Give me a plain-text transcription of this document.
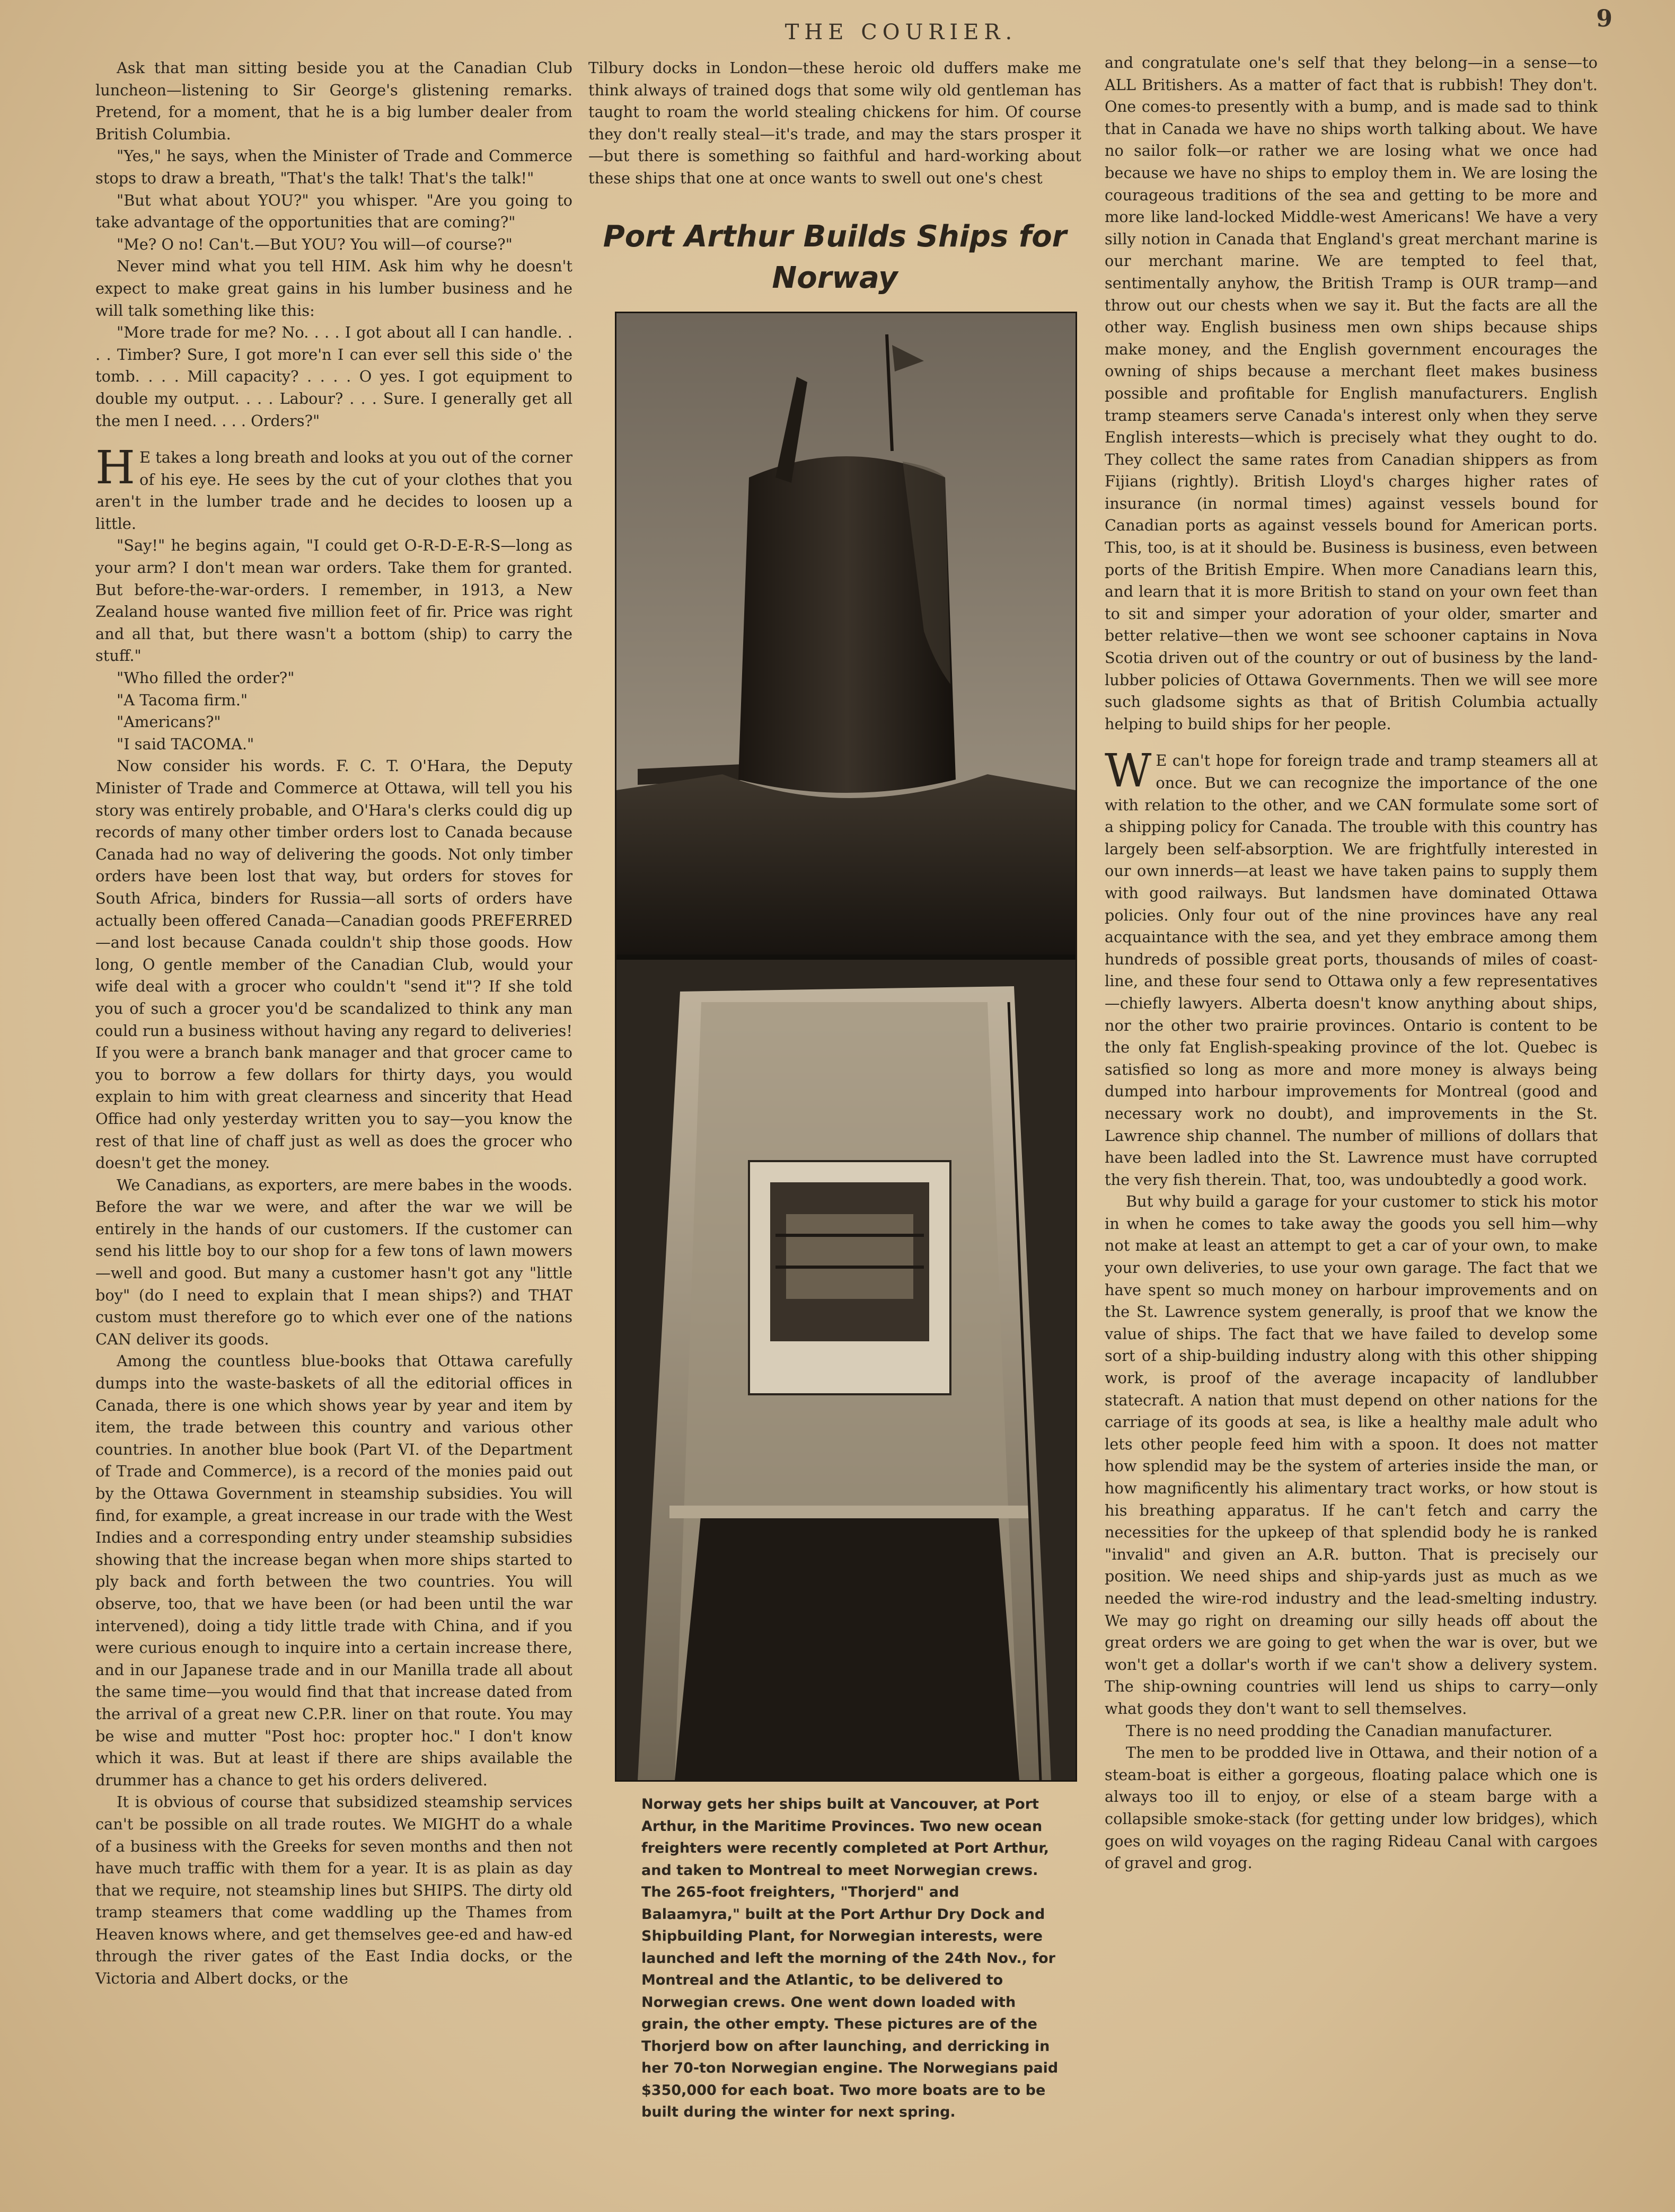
THE COURIER.	9

Ask that man sitting beside you at the Canadian Club luncheon—listening to Sir George's glistening remarks. Pretend, for a moment, that he is a big lumber dealer from British Columbia.

"Yes," he says, when the Minister of Trade and Commerce stops to draw a breath, "That's the talk! That's the talk!"

"But what about YOU?" you whisper. "Are you going to take advantage of the opportunities that are coming?"

"Me? O no! Can't.—But YOU? You will—of course?"

Never mind what you tell HIM. Ask him why he doesn't expect to make great gains in his lumber business and he will talk something like this:

"More trade for me? No. . . . I got about all I can handle. . . . Timber? Sure, I got more'n I can ever sell this side o' the tomb. . . . Mill capacity? . . . . O yes. I got equipment to double my output. . . . Labour? . . . Sure. I generally get all the men I need. . . . Orders?"

H E takes a long breath and looks at you out of the corner of his eye. He sees by the cut of your clothes that you aren't in the lumber trade and he decides to loosen up a little.

"Say!" he begins again, "I could get O-R-D-E-R-S—long as your arm? I don't mean war orders. Take them for granted. But before-the-war-orders. I remember, in 1913, a New Zealand house wanted five million feet of fir. Price was right and all that, but there wasn't a bottom (ship) to carry the stuff."

"Who filled the order?"

"A Tacoma firm."

"Americans?"

"I said TACOMA."

Now consider his words. F. C. T. O'Hara, the Deputy Minister of Trade and Commerce at Ottawa, will tell you his story was entirely probable, and O'Hara's clerks could dig up records of many other timber orders lost to Canada because Canada had no way of delivering the goods. Not only timber orders have been lost that way, but orders for stoves for South Africa, binders for Russia—all sorts of orders have actually been offered Canada—Canadian goods PREFERRED—and lost because Canada couldn't ship those goods. How long, O gentle member of the Canadian Club, would your wife deal with a grocer who couldn't "send it"? If she told you of such a grocer you'd be scandalized to think any man could run a business without having any regard to deliveries! If you were a branch bank manager and that grocer came to you to borrow a few dollars for thirty days, you would explain to him with great clearness and sincerity that Head Office had only yesterday written you to say—you know the rest of that line of chaff just as well as does the grocer who doesn't get the money.

We Canadians, as exporters, are mere babes in the woods. Before the war we were, and after the war we will be entirely in the hands of our customers. If the customer can send his little boy to our shop for a few tons of lawn mowers—well and good. But many a customer hasn't got any "little boy" (do I need to explain that I mean ships?) and THAT custom must therefore go to which ever one of the nations CAN deliver its goods.

Among the countless blue-books that Ottawa carefully dumps into the waste-baskets of all the editorial offices in Canada, there is one which shows year by year and item by item, the trade between this country and various other countries. In another blue book (Part VI. of the Department of Trade and Commerce), is a record of the monies paid out by the Ottawa Government in steamship subsidies. You will find, for example, a great increase in our trade with the West Indies and a corresponding entry under steamship subsidies showing that the increase began when more ships started to ply back and forth between the two countries. You will observe, too, that we have been (or had been until the war intervened), doing a tidy little trade with China, and if you were curious enough to inquire into a certain increase there, and in our Japanese trade and in our Manilla trade all about the same time—you would find that that increase dated from the arrival of a great new C.P.R. liner on that route. You may be wise and mutter "Post hoc: propter hoc." I don't know which it was. But at least if there are ships available the drummer has a chance to get his orders delivered.

It is obvious of course that subsidized steamship services can't be possible on all trade routes. We MIGHT do a whale of a business with the Greeks for seven months and then not have much traffic with them for a year. It is as plain as day that we require, not steamship lines but SHIPS. The dirty old tramp steamers that come waddling up the Thames from Heaven knows where, and get themselves gee-ed and haw-ed through the river gates of the East India docks, or the Victoria and Albert docks, or the

Tilbury docks in London—these heroic old duffers make me think always of trained dogs that some wily old gentleman has taught to roam the world stealing chickens for him. Of course they don't really steal—it's trade, and may the stars prosper it—but there is something so faithful and hard-working about these ships that one at once wants to swell out one's chest

Port Arthur Builds Ships for Norway
Norway gets her ships built at Vancouver, at Port Arthur, in the Maritime Provinces. Two new ocean freighters were recently completed at Port Arthur, and taken to Montreal to meet Norwegian crews. The 265-foot freighters, "Thorjerd" and Balaamyra," built at the Port Arthur Dry Dock and Shipbuilding Plant, for Norwegian interests, were launched and left the morning of the 24th Nov., for Montreal and the Atlantic, to be delivered to Norwegian crews. One went down loaded with grain, the other empty. These pictures are of the Thorjerd bow on after launching, and derricking in her 70-ton Norwegian engine. The Norwegians paid $350,000 for each boat. Two more boats are to be built during the winter for next spring.

and congratulate one's self that they belong—in a sense—to ALL Britishers. As a matter of fact that is rubbish! They don't. One comes-to presently with a bump, and is made sad to think that in Canada we have no ships worth talking about. We have no sailor folk—or rather we are losing what we once had because we have no ships to employ them in. We are losing the courageous traditions of the sea and getting to be more and more like land-locked Middle-west Americans! We have a very silly notion in Canada that England's great merchant marine is our merchant marine. We are tempted to feel that, sentimentally anyhow, the British Tramp is OUR tramp—and throw out our chests when we say it. But the facts are all the other way. English business men own ships because ships make money, and the English government encourages the owning of ships because a merchant fleet makes business possible and profitable for English manufacturers. English tramp steamers serve Canada's interest only when they serve English interests—which is precisely what they ought to do. They collect the same rates from Canadian shippers as from Fijians (rightly). British Lloyd's charges higher rates of insurance (in normal times) against vessels bound for Canadian ports as against vessels bound for American ports. This, too, is at it should be. Business is business, even between ports of the British Empire. When more Canadians learn this, and learn that it is more British to stand on your own feet than to sit and simper your adoration of your older, smarter and better relative—then we wont see schooner captains in Nova Scotia driven out of the country or out of business by the land-lubber policies of Ottawa Governments. Then we will see more such gladsome sights as that of British Columbia actually helping to build ships for her people.

W E can't hope for foreign trade and tramp steamers all at once. But we can recognize the importance of the one with relation to the other, and we CAN formulate some sort of a shipping policy for Canada. The trouble with this country has largely been self-absorption. We are frightfully interested in our own innerds—at least we have taken pains to supply them with good railways. But landsmen have dominated Ottawa policies. Only four out of the nine provinces have any real acquaintance with the sea, and yet they embrace among them hundreds of possible great ports, thousands of miles of coast-line, and these four send to Ottawa only a few representatives—chiefly lawyers. Alberta doesn't know anything about ships, nor the other two prairie provinces. Ontario is content to be the only fat English-speaking province of the lot. Quebec is satisfied so long as more and more money is always being dumped into harbour improvements for Montreal (good and necessary work no doubt), and improvements in the St. Lawrence ship channel. The number of millions of dollars that have been ladled into the St. Lawrence must have corrupted the very fish therein. That, too, was undoubtedly a good work.

But why build a garage for your customer to stick his motor in when he comes to take away the goods you sell him—why not make at least an attempt to get a car of your own, to make your own deliveries, to use your own garage. The fact that we have spent so much money on harbour improvements and on the St. Lawrence system generally, is proof that we know the value of ships. The fact that we have failed to develop some sort of a ship-building industry along with this other shipping work, is proof of the average incapacity of landlubber statecraft. A nation that must depend on other nations for the carriage of its goods at sea, is like a healthy male adult who lets other people feed him with a spoon. It does not matter how splendid may be the system of arteries inside the man, or how magnificently his alimentary tract works, or how stout is his breathing apparatus. If he can't fetch and carry the necessities for the upkeep of that splendid body he is ranked "invalid" and given an A.R. button. That is precisely our position. We need ships and ship-yards just as much as we needed the wire-rod industry and the lead-smelting industry. We may go right on dreaming our silly heads off about the great orders we are going to get when the war is over, but we won't get a dollar's worth if we can't show a delivery system. The ship-owning countries will lend us ships to carry—only what goods they don't want to sell themselves.

There is no need prodding the Canadian manufacturer.

The men to be prodded live in Ottawa, and their notion of a steam-boat is either a gorgeous, floating palace which one is always too ill to enjoy, or else of a steam barge with a collapsible smoke-stack (for getting under low bridges), which goes on wild voyages on the raging Rideau Canal with cargoes of gravel and grog.
